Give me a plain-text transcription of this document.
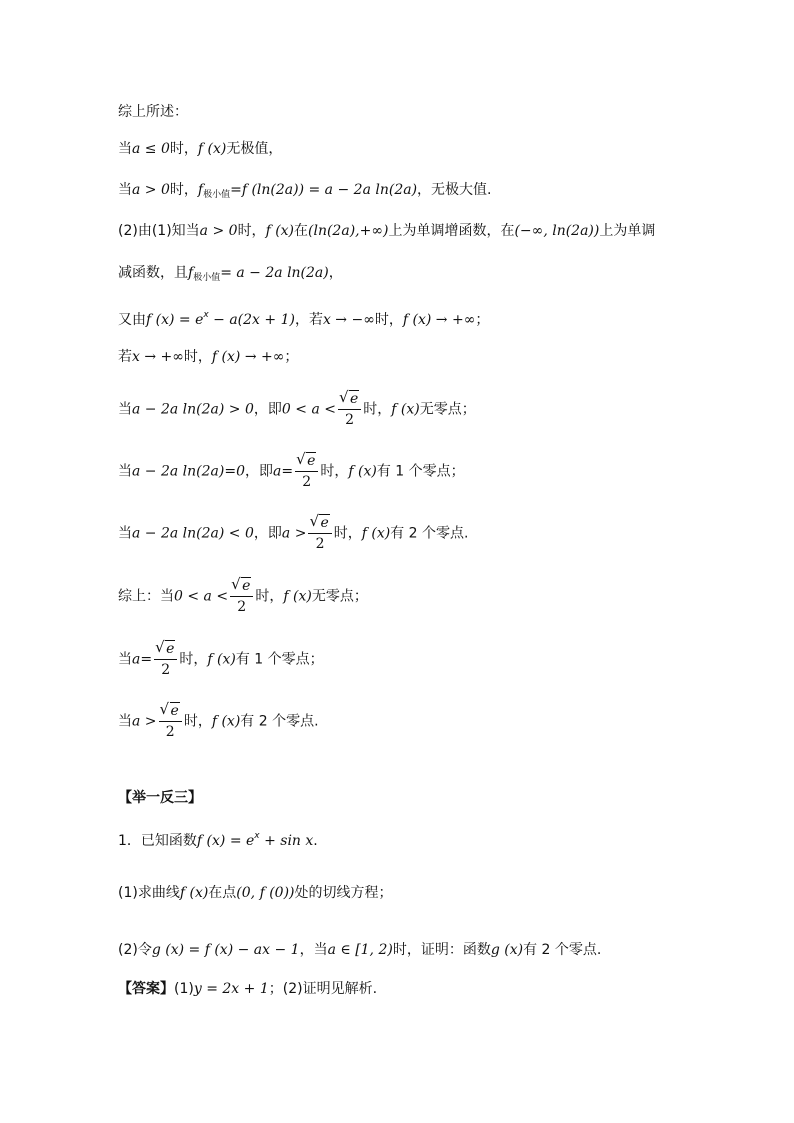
综上所述：
当a ≤ 0时，f (x)无极值，
当a > 0时，$f_{极小值}=f$ (ln(2a)) = a − 2a ln(2a)，无极大值.
(2)由(1)知当a > 0时，f (x)在(ln(2a),+∞)上为单调增函数，在(−∞, ln(2a))上为单调
减函数，且$f_{极小值}= a - 2a$ ln(2a)，
又由f $(x) = e^x - a(2x + 1)$，若x → −∞时，f (x) → +∞；
若x → +∞时，f (x) → +∞；
当a − 2a ln(2a) > 0，即0 < a < √ $\frac{e}{2}$ 时，f (x)无零点；
当a − 2a ln(2a)=0，即a= √ $\frac{e}{2}$ 时，f (x)有 1 个零点；
当a − 2a ln(2a) < 0，即a > √ $\frac{e}{2}$ 时，f (x)有 2 个零点.
综上：当0 < a < √ $\frac{e}{2}$ 时，f (x)无零点；
当a= √ $\frac{e}{2}$ 时，f (x)有 1 个零点；
当a > √ $\frac{e}{2}$ 时，f (x)有 2 个零点.
【举一反三】
1．已知函数f $(x) = e^x + \sin x$.
(1)求曲线f (x)在点(0, f (0))处的切线方程；
(2)令g (x) = f (x) − ax − 1，当a ∈ [1, 2)时，证明：函数g (x)有 2 个零点.
【答案】(1)y = 2x + 1；(2)证明见解析.
